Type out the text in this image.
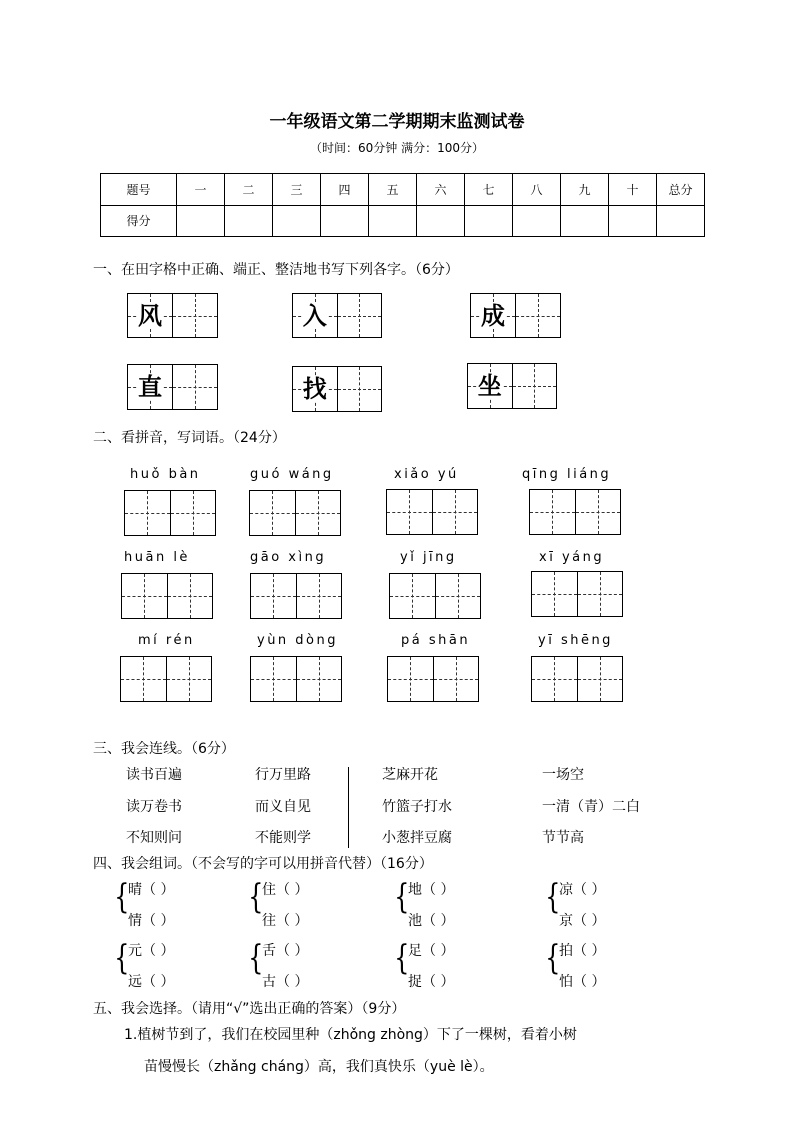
一年级语文第二学期期末监测试卷
（时间：60分钟 满分：100分）
题号	一	二	三	四	五	六	七	八	九	十	总分
得分											
一、在田字格中正确、端正、整洁地书写下列各字。（6分）
风	入	成
直	找	坐
二、看拼音，写词语。（24分）
huǒ bàn	guó wáng	xiǎo yú	qīng liáng
huān lè	gāo xìng	yǐ jīng	xī yáng
mí rén	yùn dòng	pá shān	yī shēng
三、我会连线。（6分）
读书百遍	行万里路	芝麻开花	一场空
读万卷书	而义自见	竹篮子打水	一清（青）二白
不知则问	不能则学	小葱拌豆腐	节节高
四、我会组词。（不会写的字可以用拼音代替）（16分）
{
晴（ ）
情（ ）
{
住（ ）
往（ ）
{
地（ ）
池（ ）
{
凉（ ）
京（ ）
{
元（ ）
远（ ）
{
舌（ ）
古（ ）
{
足（ ）
捉（ ）
{
拍（ ）
怕（ ）
五、我会选择。（请用“√”选出正确的答案）（9分）
1.植树节到了，我们在校园里种（zhǒng zhòng）下了一棵树，看着小树
苗慢慢长（zhǎng cháng）高，我们真快乐（yuè lè）。
